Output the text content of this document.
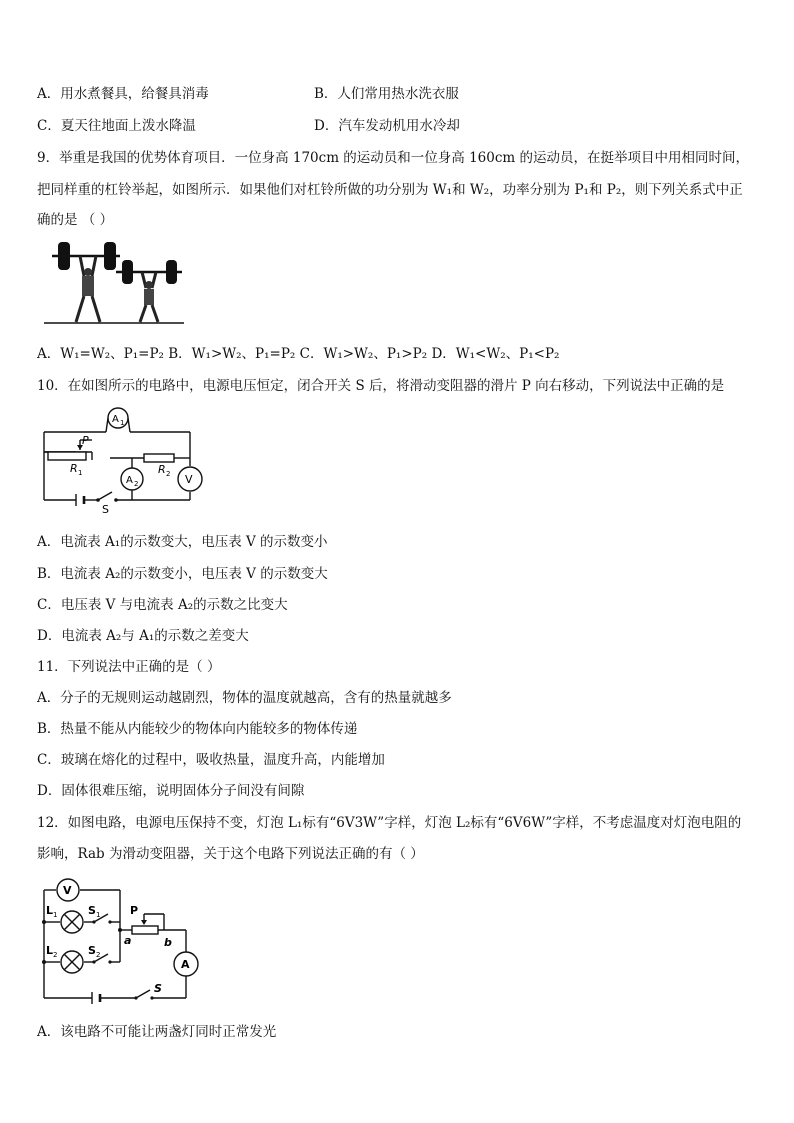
A．用水煮餐具，给餐具消毒	B．人们常用热水洗衣服
C．夏天往地面上泼水降温	D．汽车发动机用水冷却
9．举重是我国的优势体育项目．一位身高 170cm 的运动员和一位身高 160cm 的运动员，在挺举项目中用相同时间，
把同样重的杠铃举起，如图所示．如果他们对杠铃所做的功分别为 W₁和 W₂，功率分别为 P₁和 P₂，则下列关系式中正
确的是 （ ）
A．W₁=W₂、P₁=P₂ B．W₁>W₂、P₁=P₂ C．W₁>W₂、P₁>P₂ D．W₁<W₂、P₁<P₂
10．在如图所示的电路中，电源电压恒定，闭合开关 S 后，将滑动变阻器的滑片 P 向右移动，下列说法中正确的是
A 1
A 2	V
P
R 1	R 2
S
A．电流表 A₁的示数变大，电压表 V 的示数变小
B．电流表 A₂的示数变小，电压表 V 的示数变大
C．电压表 V 与电流表 A₂的示数之比变大
D．电流表 A₂与 A₁的示数之差变大
11．下列说法中正确的是（ ）
A．分子的无规则运动越剧烈，物体的温度就越高，含有的热量就越多
B．热量不能从内能较少的物体向内能较多的物体传递
C．玻璃在熔化的过程中，吸收热量，温度升高，内能增加
D．固体很难压缩，说明固体分子间没有间隙
12．如图电路，电源电压保持不变，灯泡 L₁标有“6V3W”字样，灯泡 L₂标有“6V6W”字样，不考虑温度对灯泡电阻的
影响，Rab 为滑动变阻器，关于这个电路下列说法正确的有（ ）
V
A
L 1
L 2
S 1
S 2
P
a	b
S
A．该电路不可能让两盏灯同时正常发光
